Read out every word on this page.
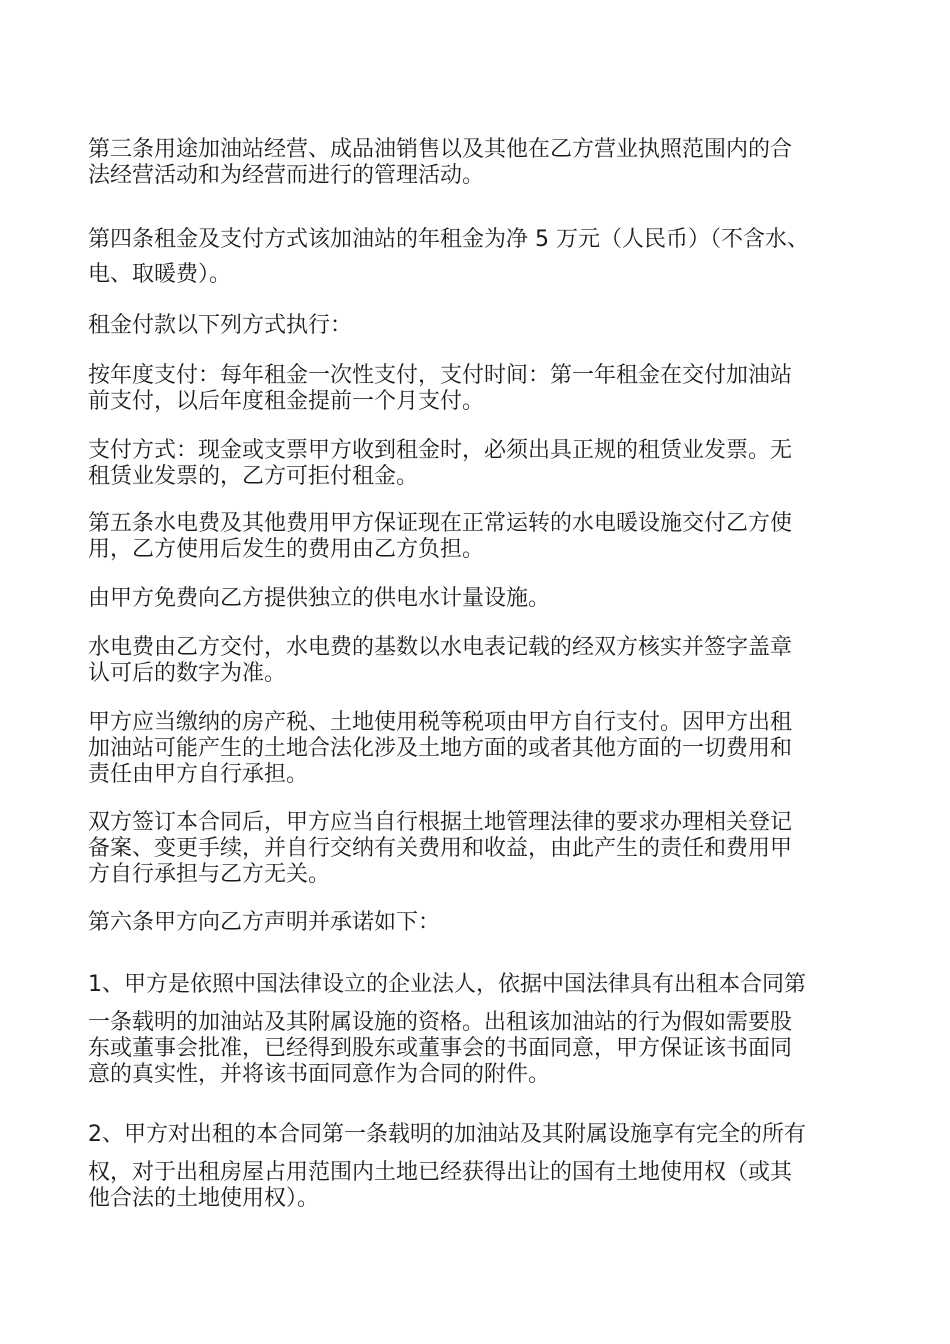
第三条用途加油站经营、成品油销售以及其他在乙方营业执照范围内的合
法经营活动和为经营而进行的管理活动。
第四条租金及支付方式该加油站的年租金为净 5 万元（人民币）（不含水、
电、取暖费）。
租金付款以下列方式执行：
按年度支付：每年租金一次性支付，支付时间：第一年租金在交付加油站
前支付，以后年度租金提前一个月支付。
支付方式：现金或支票甲方收到租金时，必须出具正规的租赁业发票。无
租赁业发票的，乙方可拒付租金。
第五条水电费及其他费用甲方保证现在正常运转的水电暖设施交付乙方使
用，乙方使用后发生的费用由乙方负担。
由甲方免费向乙方提供独立的供电水计量设施。
水电费由乙方交付，水电费的基数以水电表记载的经双方核实并签字盖章
认可后的数字为准。
甲方应当缴纳的房产税、土地使用税等税项由甲方自行支付。因甲方出租
加油站可能产生的土地合法化涉及土地方面的或者其他方面的一切费用和
责任由甲方自行承担。
双方签订本合同后，甲方应当自行根据土地管理法律的要求办理相关登记
备案、变更手续，并自行交纳有关费用和收益，由此产生的责任和费用甲
方自行承担与乙方无关。
第六条甲方向乙方声明并承诺如下：
1、甲方是依照中国法律设立的企业法人，依据中国法律具有出租本合同第
一条载明的加油站及其附属设施的资格。出租该加油站的行为假如需要股
东或董事会批准，已经得到股东或董事会的书面同意，甲方保证该书面同
意的真实性，并将该书面同意作为合同的附件。
2、甲方对出租的本合同第一条载明的加油站及其附属设施享有完全的所有
权，对于出租房屋占用范围内土地已经获得出让的国有土地使用权（或其
他合法的土地使用权）。
